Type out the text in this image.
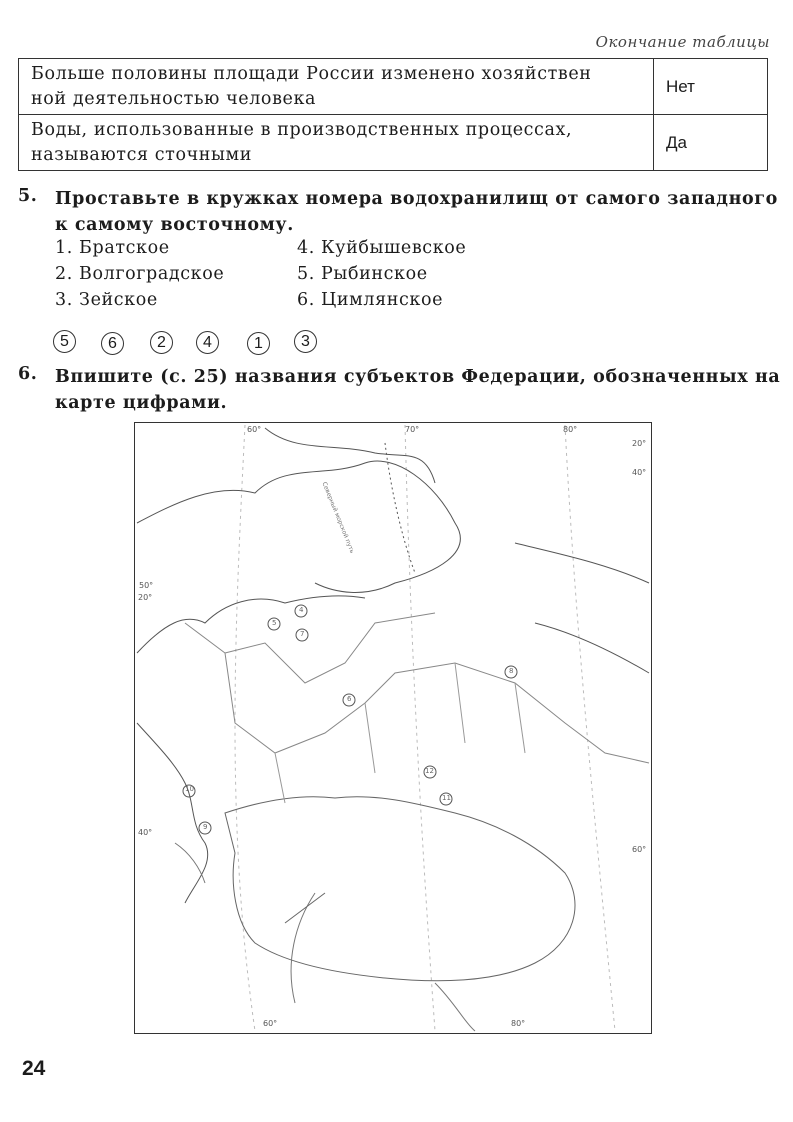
Окончание таблицы
Больше половины площади России изменено хозяйствен
ной деятельностью человека	Нет
Воды, использованные в производственных процессах,
называются сточными	Да
5. Проставьте в кружках номера водохранилищ от самого западного
к самому восточному.
1. Братское
2. Волгоградское
3. Зейское
4. Куйбышевское
5. Рыбинское
6. Цимлянское
5	6	2	4	1	3
6. Впишите (с. 25) названия субъектов Федерации, обозначенных на
карте цифрами.
10
9
4
5
7
6
8
12
11
60°	70°	80°
60°	80°
50°
40°
20°
60°
40°
20°
Северный морской путь
24
